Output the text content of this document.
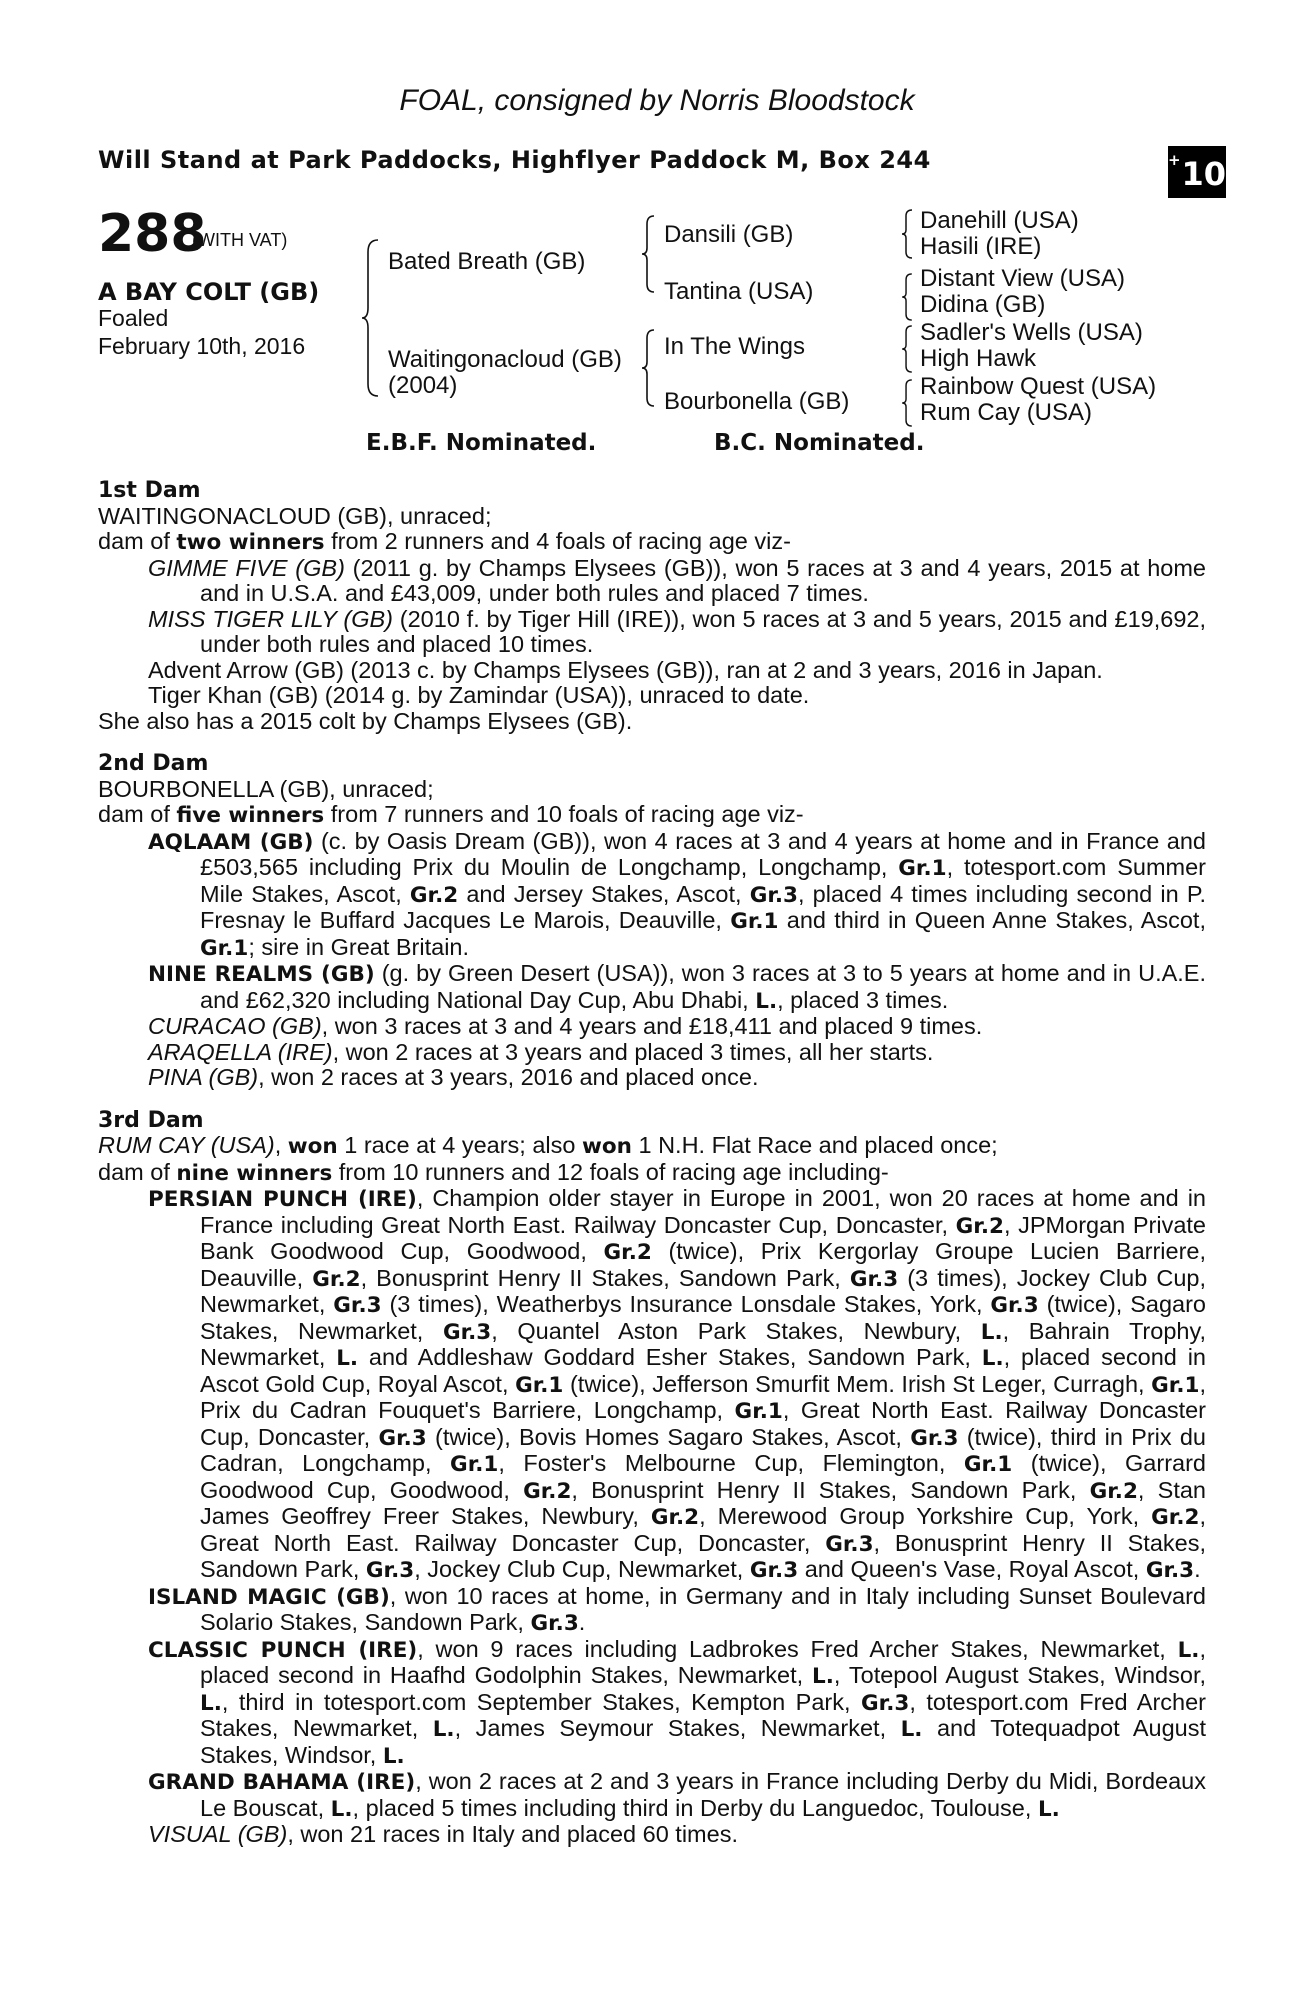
FOAL, consigned by Norris Bloodstock
Will Stand at Park Paddocks, Highflyer Paddock M, Box 244	+ 10
288
(WITH VAT)
A BAY COLT (GB)
Foaled
February 10th, 2016
Bated Breath (GB)
Waitingonacloud (GB)
(2004)
Dansili (GB)
Tantina (USA)
In The Wings
Bourbonella (GB)
Danehill (USA)
Hasili (IRE)
Distant View (USA)
Didina (GB)
Sadler's Wells (USA)
High Hawk
Rainbow Quest (USA)
Rum Cay (USA)
E.B.F. Nominated.	B.C. Nominated.
1st Dam

WAITINGONACLOUD (GB), unraced;

dam of two winners from 2 runners and 4 foals of racing age viz-

GIMME FIVE (GB) (2011 g. by Champs Elysees (GB)), won 5 races at 3 and 4 years, 2015 at home and in U.S.A. and £43,009, under both rules and placed 7 times.

MISS TIGER LILY (GB) (2010 f. by Tiger Hill (IRE)), won 5 races at 3 and 5 years, 2015 and £19,692, under both rules and placed 10 times.

Advent Arrow (GB) (2013 c. by Champs Elysees (GB)), ran at 2 and 3 years, 2016 in Japan.

Tiger Khan (GB) (2014 g. by Zamindar (USA)), unraced to date.

She also has a 2015 colt by Champs Elysees (GB).

2nd Dam

BOURBONELLA (GB), unraced;

dam of five winners from 7 runners and 10 foals of racing age viz-

AQLAAM (GB) (c. by Oasis Dream (GB)), won 4 races at 3 and 4 years at home and in France and £503,565 including Prix du Moulin de Longchamp, Longchamp, Gr.1, totesport.com Summer Mile Stakes, Ascot, Gr.2 and Jersey Stakes, Ascot, Gr.3, placed 4 times including second in P. Fresnay le Buffard Jacques Le Marois, Deauville, Gr.1 and third in Queen Anne Stakes, Ascot, Gr.1; sire in Great Britain.

NINE REALMS (GB) (g. by Green Desert (USA)), won 3 races at 3 to 5 years at home and in U.A.E. and £62,320 including National Day Cup, Abu Dhabi, L., placed 3 times.

CURACAO (GB), won 3 races at 3 and 4 years and £18,411 and placed 9 times.

ARAQELLA (IRE), won 2 races at 3 years and placed 3 times, all her starts.

PINA (GB), won 2 races at 3 years, 2016 and placed once.

3rd Dam

RUM CAY (USA), won 1 race at 4 years; also won 1 N.H. Flat Race and placed once;

dam of nine winners from 10 runners and 12 foals of racing age including-

PERSIAN PUNCH (IRE), Champion older stayer in Europe in 2001, won 20 races at home and in France including Great North East. Railway Doncaster Cup, Doncaster, Gr.2, JPMorgan Private Bank Goodwood Cup, Goodwood, Gr.2 (twice), Prix Kergorlay Groupe Lucien Barriere, Deauville, Gr.2, Bonusprint Henry II Stakes, Sandown Park, Gr.3 (3 times), Jockey Club Cup, Newmarket, Gr.3 (3 times), Weatherbys Insurance Lonsdale Stakes, York, Gr.3 (twice), Sagaro Stakes, Newmarket, Gr.3, Quantel Aston Park Stakes, Newbury, L., Bahrain Trophy, Newmarket, L. and Addleshaw Goddard Esher Stakes, Sandown Park, L., placed second in Ascot Gold Cup, Royal Ascot, Gr.1 (twice), Jefferson Smurfit Mem. Irish St Leger, Curragh, Gr.1, Prix du Cadran Fouquet's Barriere, Longchamp, Gr.1, Great North East. Railway Doncaster Cup, Doncaster, Gr.3 (twice), Bovis Homes Sagaro Stakes, Ascot, Gr.3 (twice), third in Prix du Cadran, Longchamp, Gr.1, Foster's Melbourne Cup, Flemington, Gr.1 (twice), Garrard Goodwood Cup, Goodwood, Gr.2, Bonusprint Henry II Stakes, Sandown Park, Gr.2, Stan James Geoffrey Freer Stakes, Newbury, Gr.2, Merewood Group Yorkshire Cup, York, Gr.2, Great North East. Railway Doncaster Cup, Doncaster, Gr.3, Bonusprint Henry II Stakes, Sandown Park, Gr.3, Jockey Club Cup, Newmarket, Gr.3 and Queen's Vase, Royal Ascot, Gr.3.

ISLAND MAGIC (GB), won 10 races at home, in Germany and in Italy including Sunset Boulevard Solario Stakes, Sandown Park, Gr.3.

CLASSIC PUNCH (IRE), won 9 races including Ladbrokes Fred Archer Stakes, Newmarket, L., placed second in Haafhd Godolphin Stakes, Newmarket, L., Totepool August Stakes, Windsor, L., third in totesport.com September Stakes, Kempton Park, Gr.3, totesport.com Fred Archer Stakes, Newmarket, L., James Seymour Stakes, Newmarket, L. and Totequadpot August Stakes, Windsor, L.

GRAND BAHAMA (IRE), won 2 races at 2 and 3 years in France including Derby du Midi, Bordeaux Le Bouscat, L., placed 5 times including third in Derby du Languedoc, Toulouse, L.

VISUAL (GB), won 21 races in Italy and placed 60 times.
